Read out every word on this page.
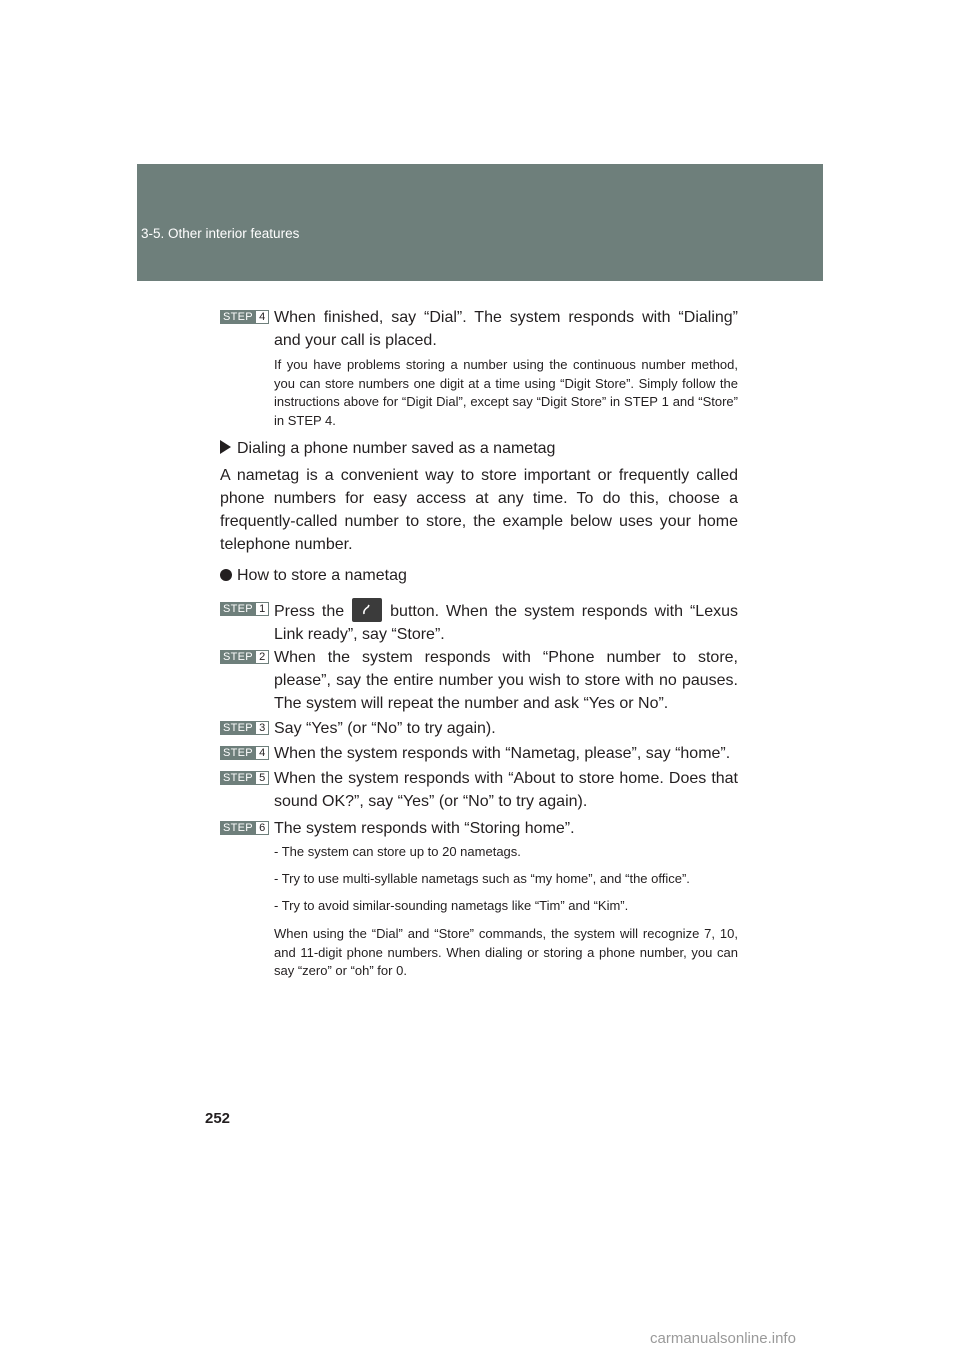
3-5. Other interior features
STEP 4 When finished, say “Dial”. The system responds with “Dialing” and your call is placed.
If you have problems storing a number using the continuous number method, you can store numbers one digit at a time using “Digit Store”. Simply follow the instructions above for “Digit Dial”, except say “Digit Store” in STEP 1 and “Store” in STEP 4.
Dialing a phone number saved as a nametag
A nametag is a convenient way to store important or frequently called phone numbers for easy access at any time. To do this, choose a frequently-called number to store, the example below uses your home telephone number.
How to store a nametag
STEP 1 Press the	button. When the system responds with “Lexus Link ready”, say “Store”.
STEP 2 When the system responds with “Phone number to store, please”, say the entire number you wish to store with no pauses. The system will repeat the number and ask “Yes or No”.
STEP 3 Say “Yes” (or “No” to try again).
STEP 4 When the system responds with “Nametag, please”, say “home”.
STEP 5 When the system responds with “About to store home. Does that sound OK?”, say “Yes” (or “No” to try again).
STEP 6 The system responds with “Storing home”.
- The system can store up to 20 nametags.
- Try to use multi-syllable nametags such as “my home”, and “the office”.
- Try to avoid similar-sounding nametags like “Tim” and “Kim”.
When using the “Dial” and “Store” commands, the system will recognize 7, 10, and 11-digit phone numbers. When dialing or storing a phone number, you can say “zero” or “oh” for 0.
252
carmanualsonline.info
